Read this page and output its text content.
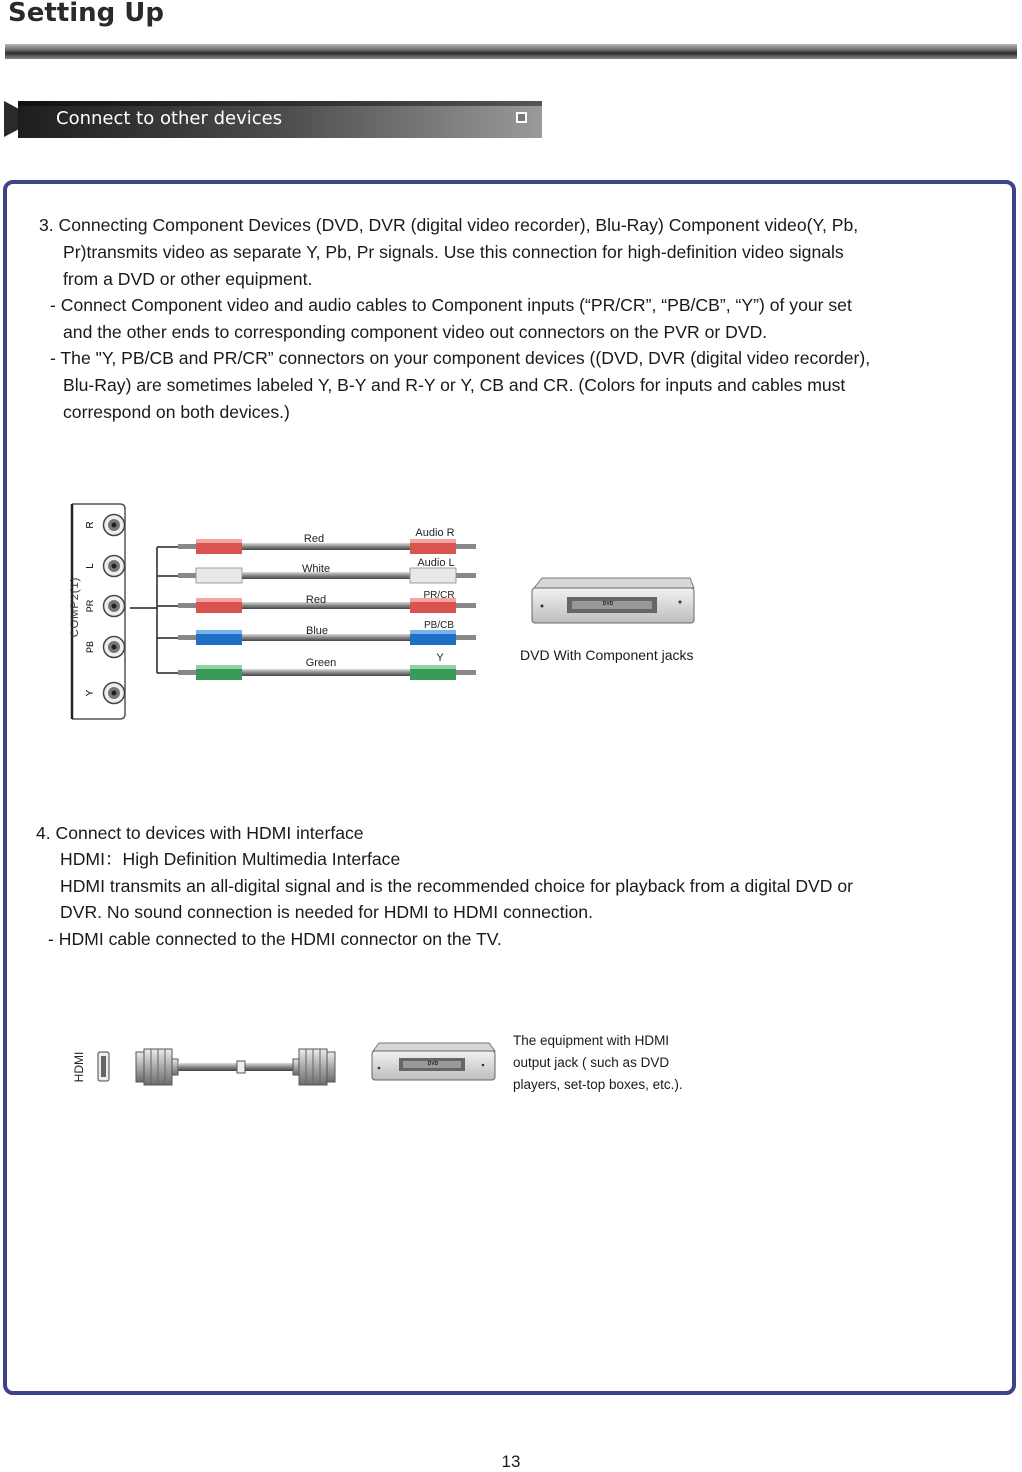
Setting Up
Connect to other devices

3. Connecting Component Devices (DVD, DVR (digital video recorder), Blu-Ray) Component video(Y, Pb,

Pr)transmits video as separate Y, Pb, Pr signals. Use this connection for high-definition video signals

from a DVD or other equipment.

- Connect Component video and audio cables to Component inputs (“PR/CR”, “PB/CB”, “Y”) of your set

and the other ends to corresponding component video out connectors on the PVR or DVD.

- The "Y, PB/CB and PR/CR” connectors on your component devices ((DVD, DVR (digital video recorder),

Blu-Ray) are sometimes labeled Y, B-Y and R-Y or Y, CB and CR. (Colors for inputs and cables must

correspond on both devices.)

COMP2(1)
R
L
PR
PB
Y
Red
White
Red
Blue
Green
Audio R
Audio L
PR/CR
PB/CB
Y
DVD
DVD With Component jacks

4. Connect to devices with HDMI interface

HDMI：High Definition Multimedia Interface

HDMI transmits an all-digital signal and is the recommended choice for playback from a digital DVD or

DVR. No sound connection is needed for HDMI to HDMI connection.

- HDMI cable connected to the HDMI connector on the TV.

HDMI	DVD
The equipment with HDMI
output jack ( such as DVD
players, set-top boxes, etc.).
13
